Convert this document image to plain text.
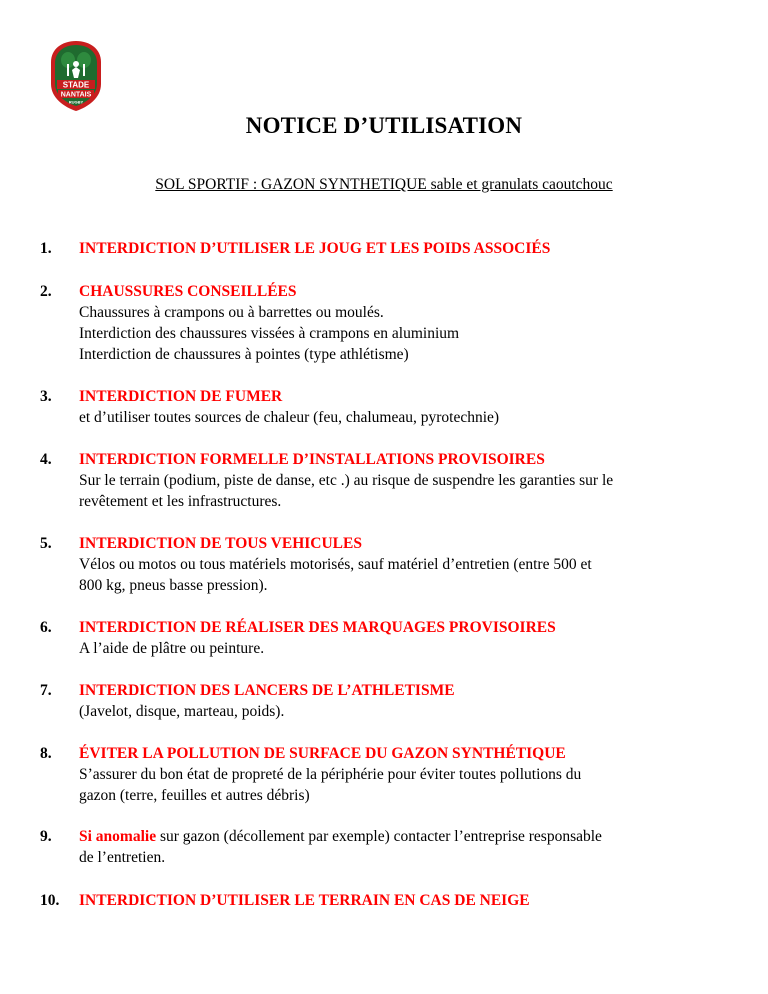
STADE
NANTAIS
RUGBY
NOTICE D’UTILISATION
SOL SPORTIF : GAZON SYNTHETIQUE sable et granulats caoutchouc
1. INTERDICTION D’UTILISER LE JOUG ET LES POIDS ASSOCIÉS
2. CHAUSSURES CONSEILLÉES
Chaussures à crampons ou à barrettes ou moulés.
Interdiction des chaussures vissées à crampons en aluminium
Interdiction de chaussures à pointes (type athlétisme)
3. INTERDICTION DE FUMER
et d’utiliser toutes sources de chaleur (feu, chalumeau, pyrotechnie)
4. INTERDICTION FORMELLE D’INSTALLATIONS PROVISOIRES
Sur le terrain (podium, piste de danse, etc .) au risque de suspendre les garanties sur le
revêtement et les infrastructures.
5. INTERDICTION DE TOUS VEHICULES
Vélos ou motos ou tous matériels motorisés, sauf matériel d’entretien (entre 500 et
800 kg, pneus basse pression).
6. INTERDICTION DE RÉALISER DES MARQUAGES PROVISOIRES
A l’aide de plâtre ou peinture.
7. INTERDICTION DES LANCERS DE L’ATHLETISME
(Javelot, disque, marteau, poids).
8. ÉVITER LA POLLUTION DE SURFACE DU GAZON SYNTHÉTIQUE
S’assurer du bon état de propreté de la périphérie pour éviter toutes pollutions du
gazon (terre, feuilles et autres débris)
9. Si anomalie sur gazon (décollement par exemple) contacter l’entreprise responsable
de l’entretien.
10. INTERDICTION D’UTILISER LE TERRAIN EN CAS DE NEIGE
